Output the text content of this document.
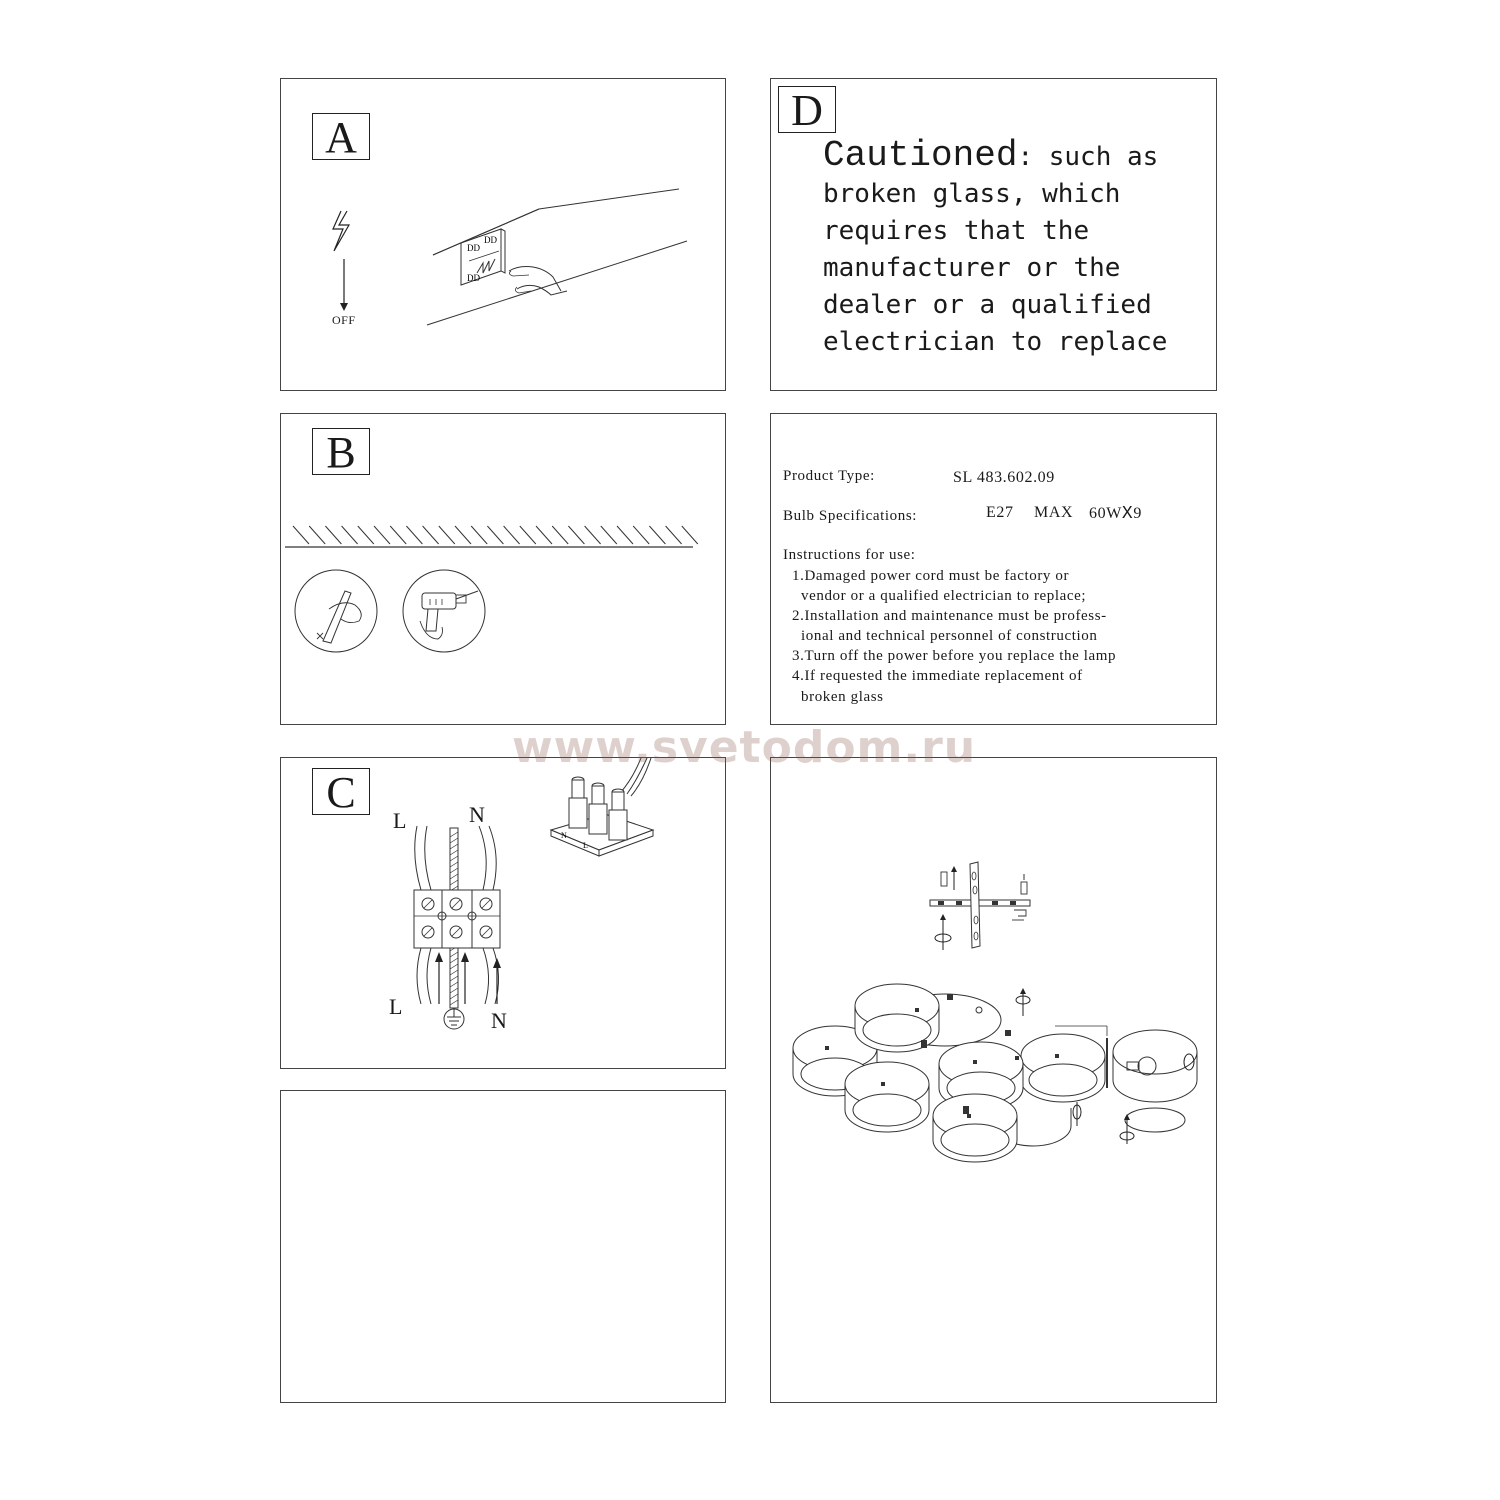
A
OFF
DD
DD
DD
D
Cautioned: such as
broken glass, which
requires that the
manufacturer or the
dealer or a qualified
electrician to replace
B	Product Type:	SL 483.602.09
Bulb Specifications:	E27 MAX 60WX9
Instructions for use:
1.Damaged power cord must be factory or
vendor or a qualified electrician to replace;
2.Installation and maintenance must be profess-
ional and technical personnel of construction
3.Turn off the power before you replace the lamp
4.If requested the immediate replacement of
broken glass
C
L	N
L
N
N
L
www.svetodom.ru
